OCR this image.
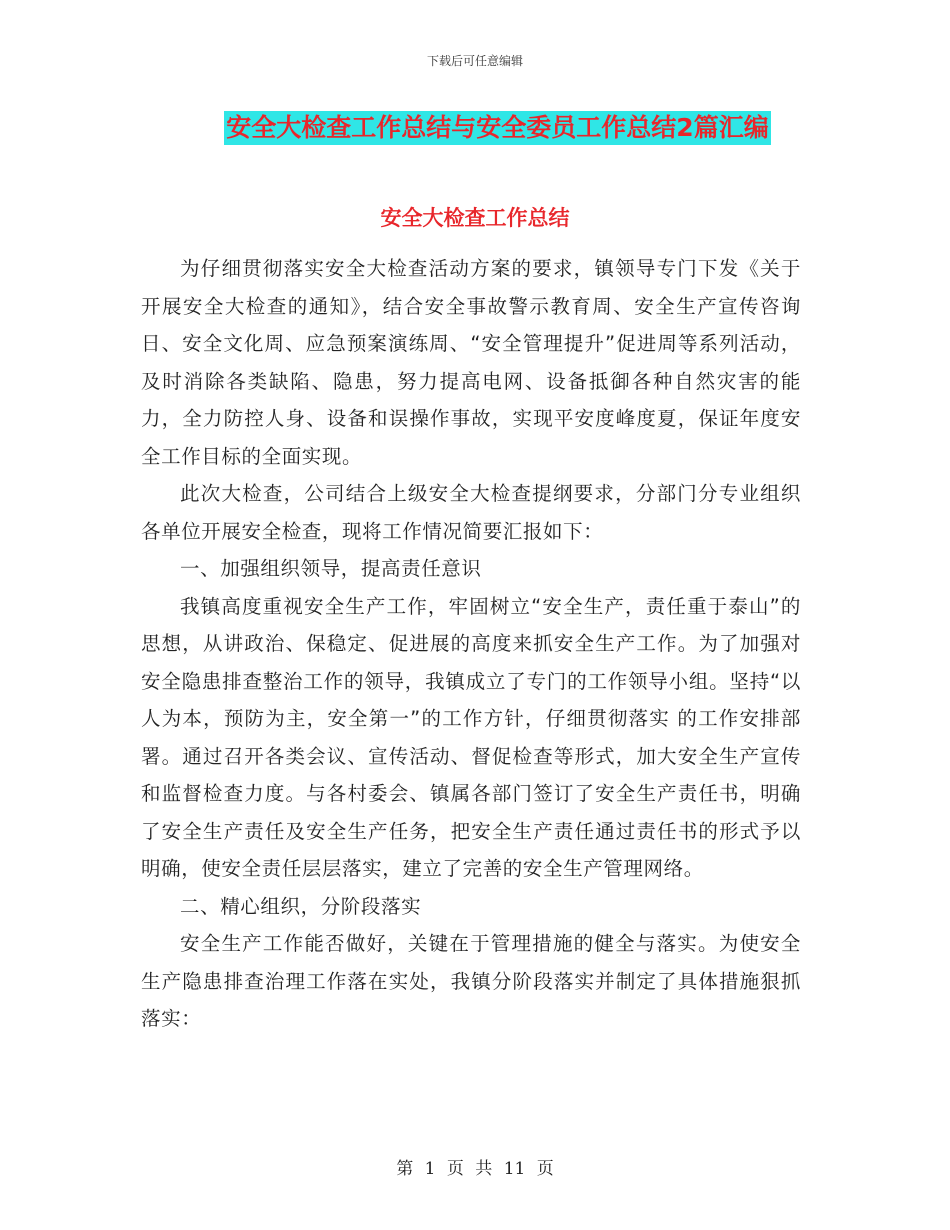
下载后可任意编辑
安全大检查工作总结与安全委员工作总结2篇汇编
安全大检查工作总结

为仔细贯彻落实安全大检查活动方案的要求，镇领导专门下发《关于开展安全大检查的通知》，结合安全事故警示教育周、安全生产宣传咨询日、安全文化周、应急预案演练周、“安全管理提升”促进周等系列活动，及时消除各类缺陷、隐患，努力提高电网、设备抵御各种自然灾害的能力，全力防控人身、设备和误操作事故，实现平安度峰度夏，保证年度安全工作目标的全面实现。

此次大检查，公司结合上级安全大检查提纲要求，分部门分专业组织各单位开展安全检查，现将工作情况简要汇报如下：

一、加强组织领导，提高责任意识

我镇高度重视安全生产工作，牢固树立“安全生产，责任重于泰山”的思想，从讲政治、保稳定、促进展的高度来抓安全生产工作。为了加强对安全隐患排查整治工作的领导，我镇成立了专门的工作领导小组。坚持“以人为本，预防为主，安全第一”的工作方针，仔细贯彻落实 的工作安排部署。通过召开各类会议、宣传活动、督促检查等形式，加大安全生产宣传和监督检查力度。与各村委会、镇属各部门签订了安全生产责任书，明确了安全生产责任及安全生产任务，把安全生产责任通过责任书的形式予以明确，使安全责任层层落实，建立了完善的安全生产管理网络。

二、精心组织，分阶段落实

安全生产工作能否做好，关键在于管理措施的健全与落实。为使安全生产隐患排查治理工作落在实处，我镇分阶段落实并制定了具体措施狠抓落实：

第 1 页 共 11 页
